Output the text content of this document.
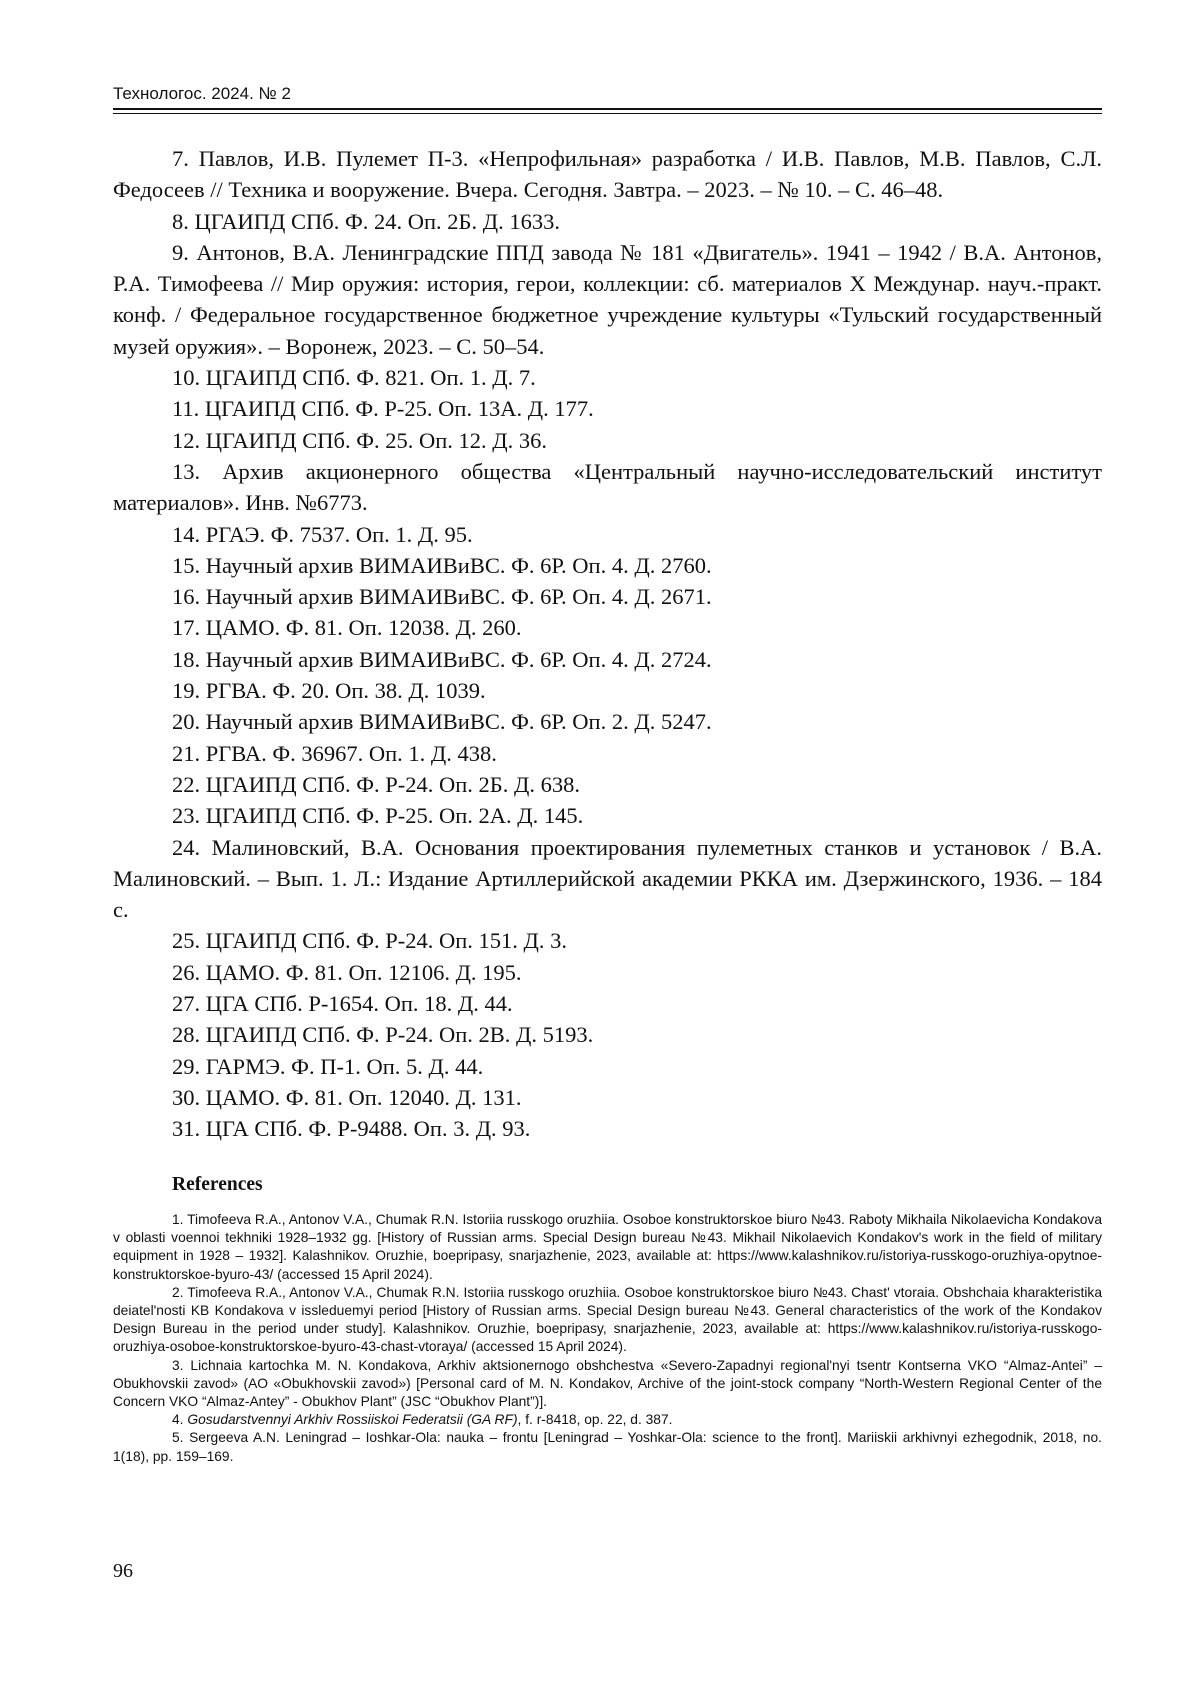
Технологос. 2024. № 2

7. Павлов, И.В. Пулемет П-3. «Непрофильная» разработка / И.В. Павлов, М.В. Павлов, С.Л. Федосеев // Техника и вооружение. Вчера. Сегодня. Завтра. – 2023. – № 10. – С. 46–48.

8. ЦГАИПД СПб. Ф. 24. Оп. 2Б. Д. 1633.

9. Антонов, В.А. Ленинградские ППД завода № 181 «Двигатель». 1941 – 1942 / В.А. Антонов, Р.А. Тимофеева // Мир оружия: история, герои, коллекции: сб. материалов X Междунар. науч.-практ. конф. / Федеральное государственное бюджетное учреждение культуры «Тульский государственный музей оружия». – Воронеж, 2023. – С. 50–54.

10. ЦГАИПД СПб. Ф. 821. Оп. 1. Д. 7.

11. ЦГАИПД СПб. Ф. Р-25. Оп. 13А. Д. 177.

12. ЦГАИПД СПб. Ф. 25. Оп. 12. Д. 36.

13. Архив акционерного общества «Центральный научно-исследовательский институт материалов». Инв. №6773.

14. РГАЭ. Ф. 7537. Оп. 1. Д. 95.

15. Научный архив ВИМАИВиВС. Ф. 6Р. Оп. 4. Д. 2760.

16. Научный архив ВИМАИВиВС. Ф. 6Р. Оп. 4. Д. 2671.

17. ЦАМО. Ф. 81. Оп. 12038. Д. 260.

18. Научный архив ВИМАИВиВС. Ф. 6Р. Оп. 4. Д. 2724.

19. РГВА. Ф. 20. Оп. 38. Д. 1039.

20. Научный архив ВИМАИВиВС. Ф. 6Р. Оп. 2. Д. 5247.

21. РГВА. Ф. 36967. Оп. 1. Д. 438.

22. ЦГАИПД СПб. Ф. Р-24. Оп. 2Б. Д. 638.

23. ЦГАИПД СПб. Ф. Р-25. Оп. 2А. Д. 145.

24. Малиновский, В.А. Основания проектирования пулеметных станков и установок / В.А. Малиновский. – Вып. 1. Л.: Издание Артиллерийской академии РККА им. Дзержинского, 1936. – 184 с.

25. ЦГАИПД СПб. Ф. Р-24. Оп. 151. Д. 3.

26. ЦАМО. Ф. 81. Оп. 12106. Д. 195.

27. ЦГА СПб. Р-1654. Оп. 18. Д. 44.

28. ЦГАИПД СПб. Ф. Р-24. Оп. 2В. Д. 5193.

29. ГАРМЭ. Ф. П-1. Оп. 5. Д. 44.

30. ЦАМО. Ф. 81. Оп. 12040. Д. 131.

31. ЦГА СПб. Ф. Р-9488. Оп. 3. Д. 93.

References

1. Timofeeva R.A., Antonov V.A., Chumak R.N. Istoriia russkogo oruzhiia. Osoboe konstruktorskoe biuro №43. Raboty Mikhaila Nikolaevicha Kondakova v oblasti voennoi tekhniki 1928–1932 gg. [History of Russian arms. Special Design bureau №43. Mikhail Nikolaevich Kondakov's work in the field of military equipment in 1928 – 1932]. Kalashnikov. Oruzhie, boepripasy, snarjazhenie, 2023, available at: https://www.kalashnikov.ru/istoriya-russkogo-oruzhiya-opytnoe-konstruktorskoe-byuro-43/ (accessed 15 April 2024).

2. Timofeeva R.A., Antonov V.A., Chumak R.N. Istoriia russkogo oruzhiia. Osoboe konstruktorskoe biuro №43. Chast' vtoraia. Obshchaia kharakteristika deiatel'nosti KB Kondakova v issleduemyi period [History of Russian arms. Special Design bureau №43. General characteristics of the work of the Kondakov Design Bureau in the period under study]. Kalashnikov. Oruzhie, boepripasy, snarjazhenie, 2023, available at: https://www.kalashnikov.ru/istoriya-russkogo-oruzhiya-osoboe-konstruktorskoe-byuro-43-chast-vtoraya/ (accessed 15 April 2024).

3. Lichnaia kartochka M. N. Kondakova, Arkhiv aktsionernogo obshchestva «Severo-Zapadnyi regional'nyi tsentr Kontserna VKO “Almaz-Antei” – Obukhovskii zavod» (AO «Obukhovskii zavod») [Personal card of M. N. Kondakov, Archive of the joint-stock company “North-Western Regional Center of the Concern VKO “Almaz-Antey” - Obukhov Plant” (JSC “Obukhov Plant”)].

4. Gosudarstvennyi Arkhiv Rossiiskoi Federatsii (GA RF), f. r-8418, op. 22, d. 387.

5. Sergeeva A.N. Leningrad – Ioshkar-Ola: nauka – frontu [Leningrad – Yoshkar-Ola: science to the front]. Mariiskii arkhivnyi ezhegodnik, 2018, no. 1(18), pp. 159–169.

96
